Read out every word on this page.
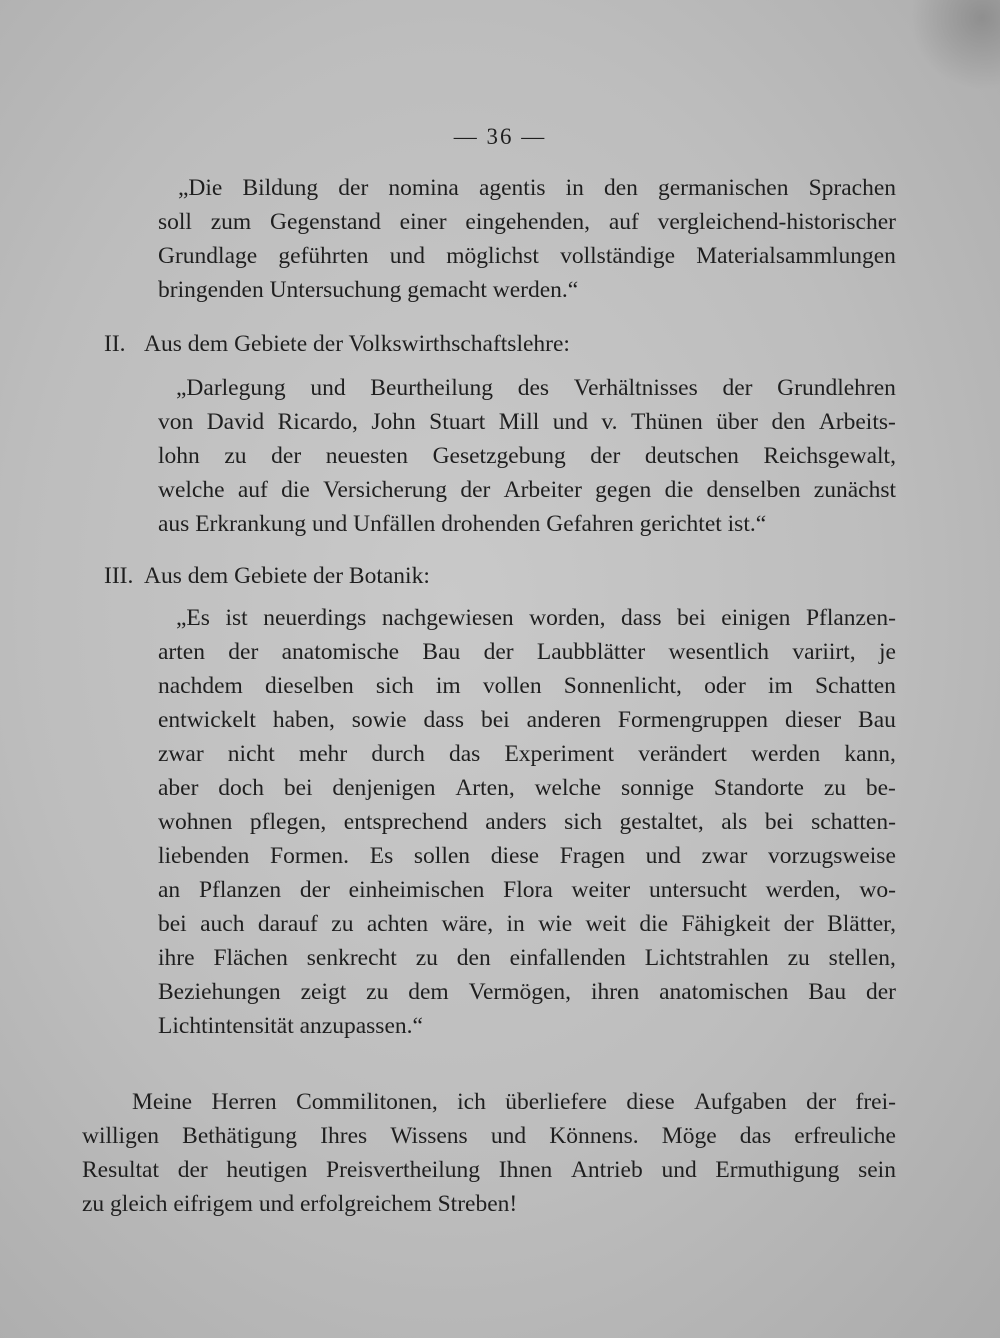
— 36 —
„Die Bildung der nomina agentis in den germanischen Sprachen
soll zum Gegenstand einer eingehenden, auf vergleichend-historischer
Grundlage geführten und möglichst vollständige Materialsammlungen
bringenden Untersuchung gemacht werden.“
II. Aus dem Gebiete der Volkswirthschaftslehre:
„Darlegung und Beurtheilung des Verhältnisses der Grundlehren
von David Ricardo, John Stuart Mill und v. Thünen über den Arbeits-
lohn zu der neuesten Gesetzgebung der deutschen Reichsgewalt,
welche auf die Versicherung der Arbeiter gegen die denselben zunächst
aus Erkrankung und Unfällen drohenden Gefahren gerichtet ist.“
III. Aus dem Gebiete der Botanik:
„Es ist neuerdings nachgewiesen worden, dass bei einigen Pflanzen-
arten der anatomische Bau der Laubblätter wesentlich variirt, je
nachdem dieselben sich im vollen Sonnenlicht, oder im Schatten
entwickelt haben, sowie dass bei anderen Formengruppen dieser Bau
zwar nicht mehr durch das Experiment verändert werden kann,
aber doch bei denjenigen Arten, welche sonnige Standorte zu be-
wohnen pflegen, entsprechend anders sich gestaltet, als bei schatten-
liebenden Formen. Es sollen diese Fragen und zwar vorzugsweise
an Pflanzen der einheimischen Flora weiter untersucht werden, wo-
bei auch darauf zu achten wäre, in wie weit die Fähigkeit der Blätter,
ihre Flächen senkrecht zu den einfallenden Lichtstrahlen zu stellen,
Beziehungen zeigt zu dem Vermögen, ihren anatomischen Bau der
Lichtintensität anzupassen.“
Meine Herren Commilitonen, ich überliefere diese Aufgaben der frei-
willigen Bethätigung Ihres Wissens und Könnens. Möge das erfreuliche
Resultat der heutigen Preisvertheilung Ihnen Antrieb und Ermuthigung sein
zu gleich eifrigem und erfolgreichem Streben!
